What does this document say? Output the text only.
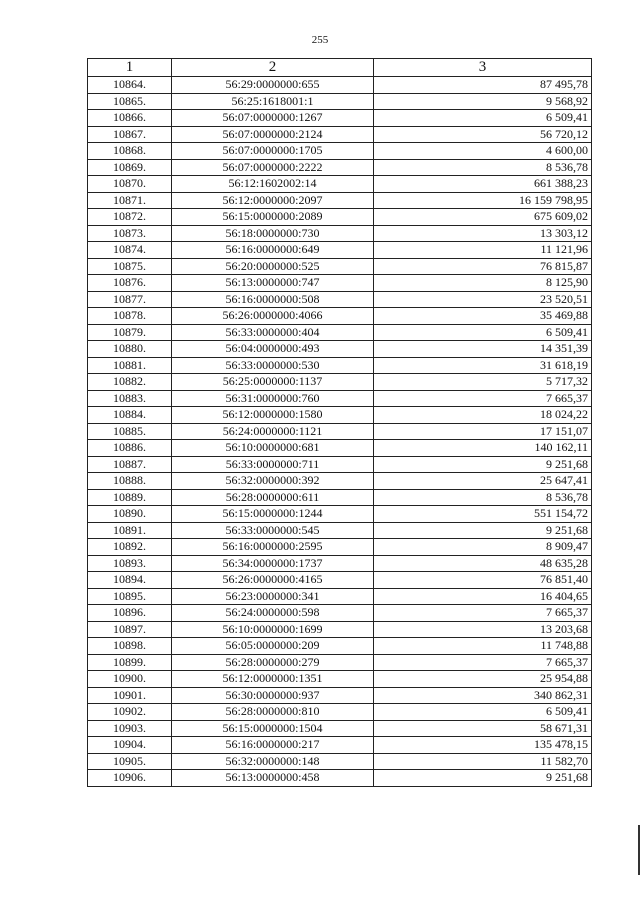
255
1	2	3
10864.	56:29:0000000:655	87 495,78
10865.	56:25:1618001:1	9 568,92
10866.	56:07:0000000:1267	6 509,41
10867.	56:07:0000000:2124	56 720,12
10868.	56:07:0000000:1705	4 600,00
10869.	56:07:0000000:2222	8 536,78
10870.	56:12:1602002:14	661 388,23
10871.	56:12:0000000:2097	16 159 798,95
10872.	56:15:0000000:2089	675 609,02
10873.	56:18:0000000:730	13 303,12
10874.	56:16:0000000:649	11 121,96
10875.	56:20:0000000:525	76 815,87
10876.	56:13:0000000:747	8 125,90
10877.	56:16:0000000:508	23 520,51
10878.	56:26:0000000:4066	35 469,88
10879.	56:33:0000000:404	6 509,41
10880.	56:04:0000000:493	14 351,39
10881.	56:33:0000000:530	31 618,19
10882.	56:25:0000000:1137	5 717,32
10883.	56:31:0000000:760	7 665,37
10884.	56:12:0000000:1580	18 024,22
10885.	56:24:0000000:1121	17 151,07
10886.	56:10:0000000:681	140 162,11
10887.	56:33:0000000:711	9 251,68
10888.	56:32:0000000:392	25 647,41
10889.	56:28:0000000:611	8 536,78
10890.	56:15:0000000:1244	551 154,72
10891.	56:33:0000000:545	9 251,68
10892.	56:16:0000000:2595	8 909,47
10893.	56:34:0000000:1737	48 635,28
10894.	56:26:0000000:4165	76 851,40
10895.	56:23:0000000:341	16 404,65
10896.	56:24:0000000:598	7 665,37
10897.	56:10:0000000:1699	13 203,68
10898.	56:05:0000000:209	11 748,88
10899.	56:28:0000000:279	7 665,37
10900.	56:12:0000000:1351	25 954,88
10901.	56:30:0000000:937	340 862,31
10902.	56:28:0000000:810	6 509,41
10903.	56:15:0000000:1504	58 671,31
10904.	56:16:0000000:217	135 478,15
10905.	56:32:0000000:148	11 582,70
10906.	56:13:0000000:458	9 251,68
